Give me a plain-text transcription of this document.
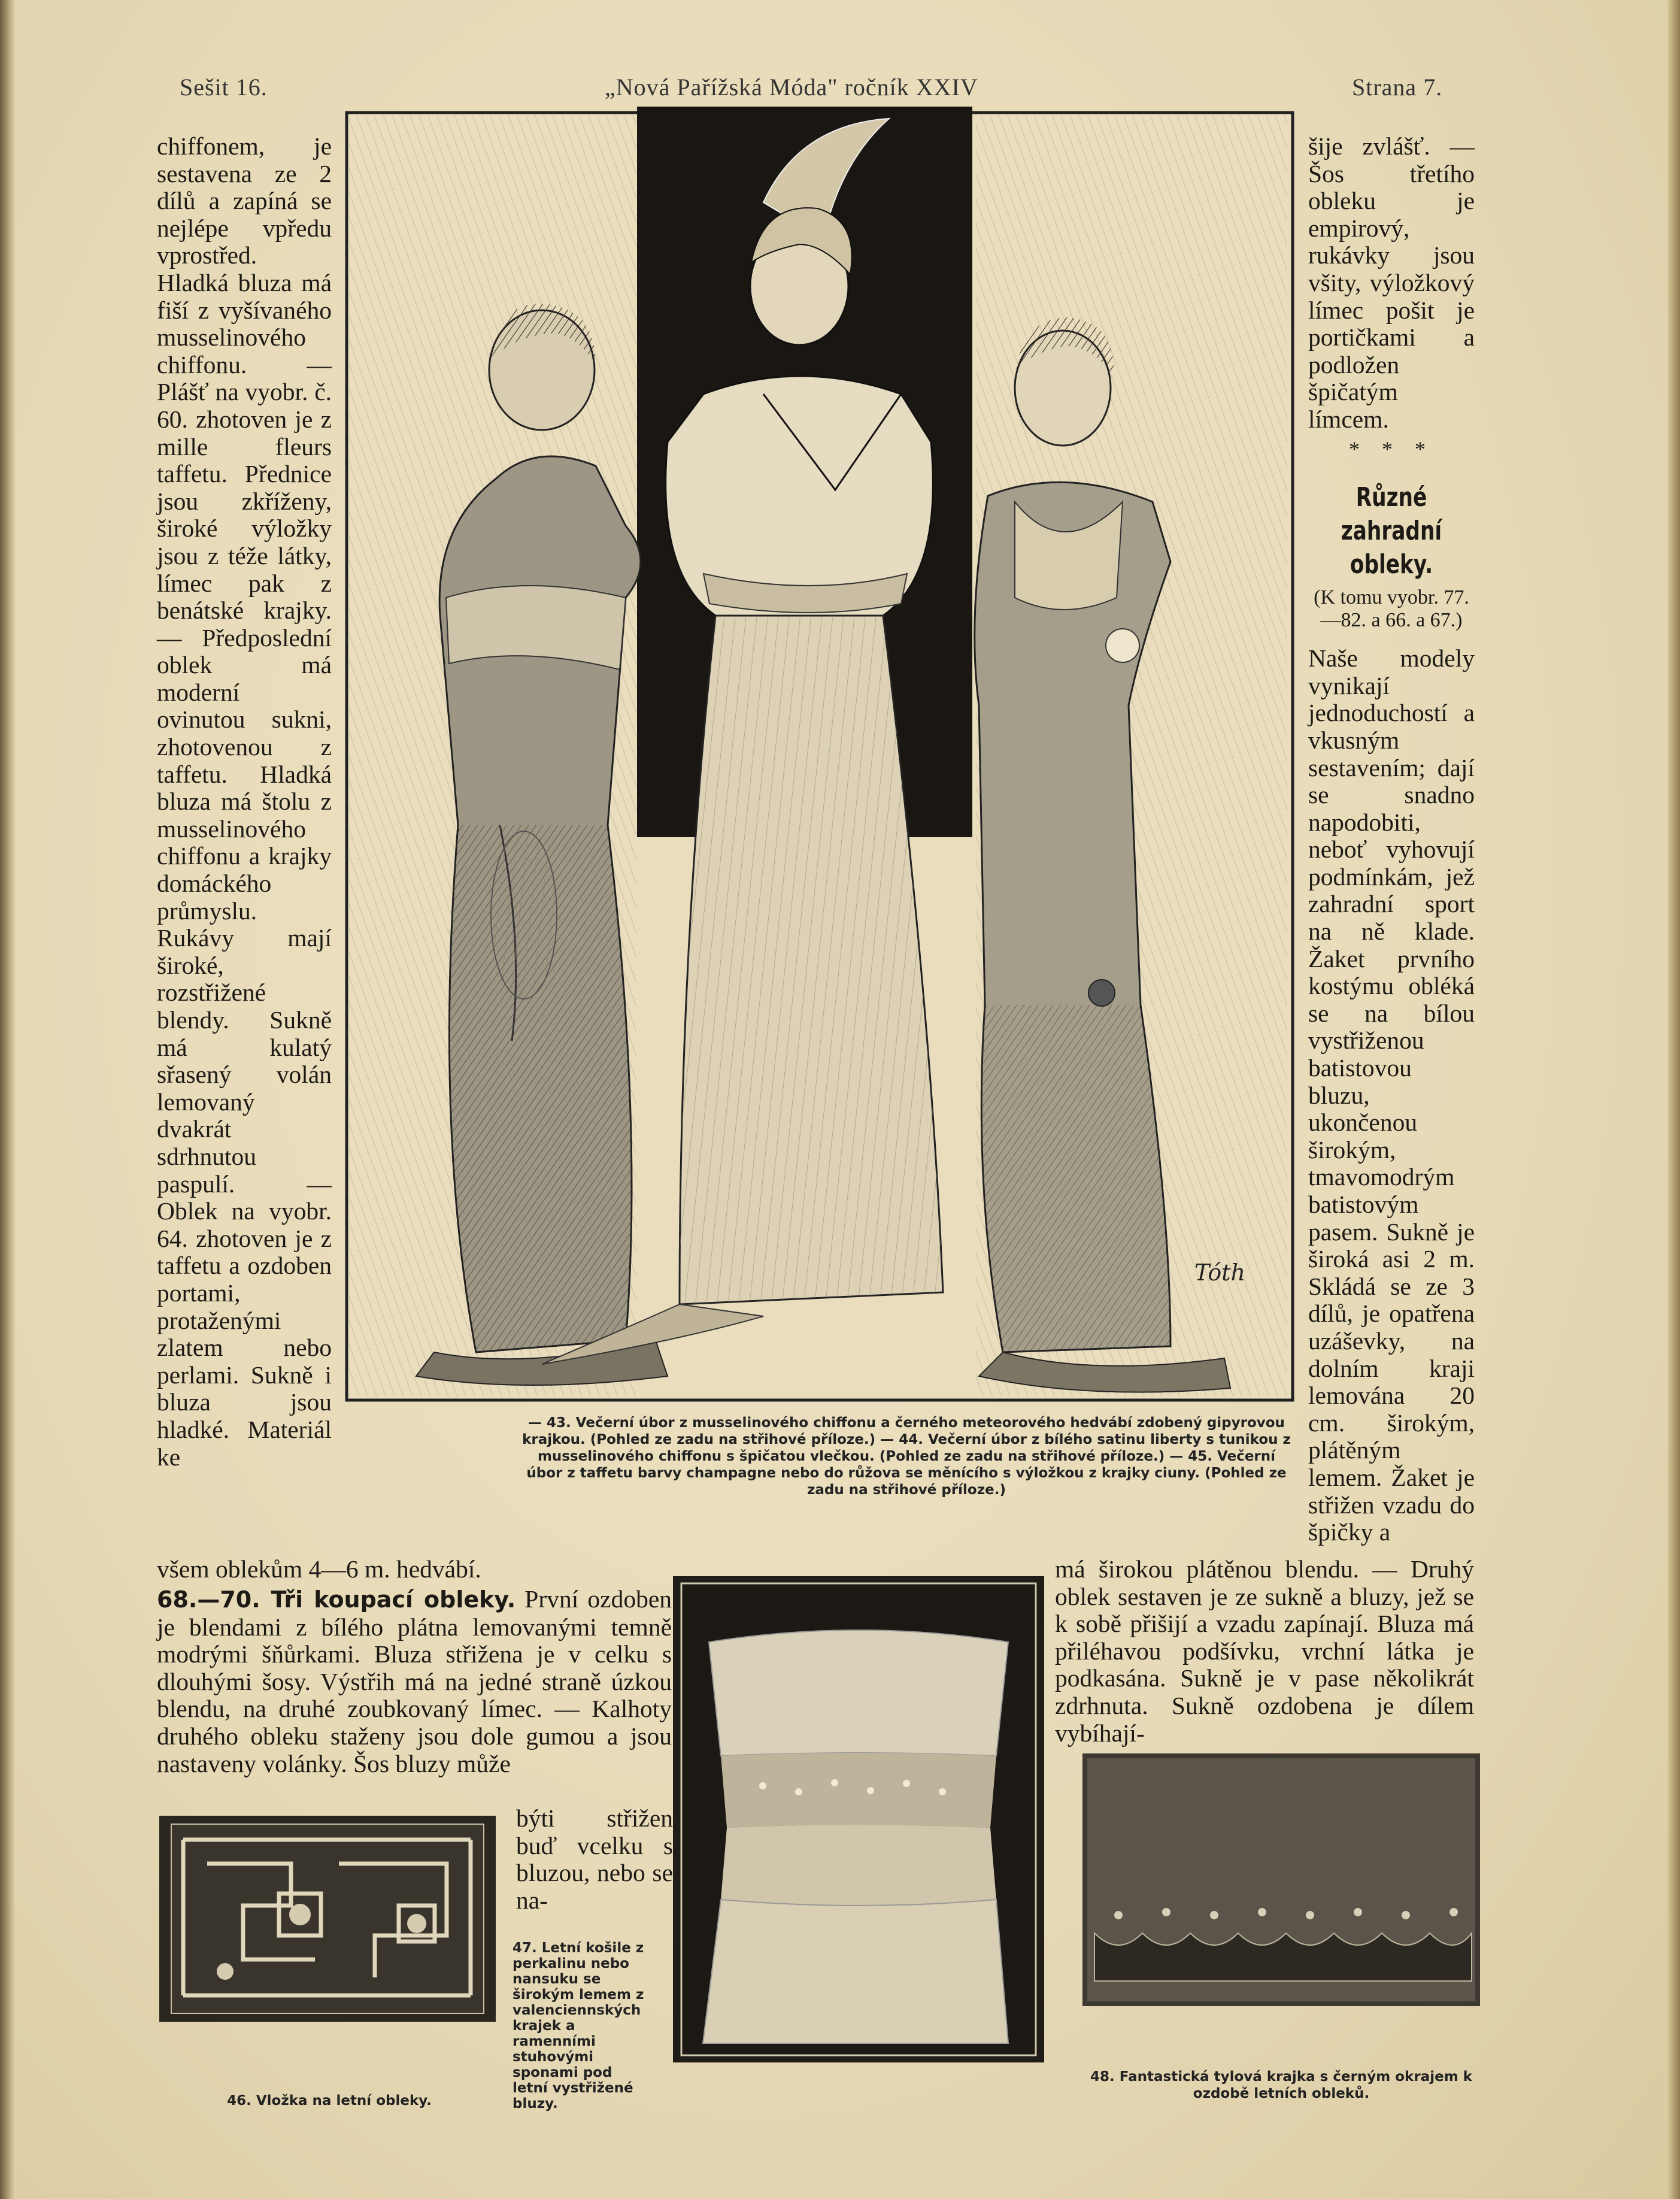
Sešit 16.	„Nová Pařížská Móda" ročník XXIV	Strana 7.

chiffonem, je sestavena ze 2 dílů a zapíná se nejlépe vpředu vprostřed. Hladká bluza má fiší z vyšívaného musselinového chiffonu. — Plášť na vyobr. č. 60. zhotoven je z mille fleurs taffetu. Přednice jsou zkříženy, široké výložky jsou z téže látky, límec pak z benátské krajky. — Předposlední oblek má moderní ovinutou sukni, zhotovenou z taffetu. Hladká bluza má štolu z musselinového chiffonu a krajky domáckého průmyslu. Rukávy mají široké, rozstřižené blendy. Sukně má kulatý sřasený volán lemovaný dvakrát sdrhnutou paspulí. — Oblek na vyobr. 64. zhotoven je z taffetu a ozdoben portami, protaženými zlatem nebo perlami. Sukně i bluza jsou hladké. Materiál ke

šije zvlášť. — Šos třetího obleku je empirový, rukávky jsou všity, výložkový límec pošit je portičkami a podložen špičatým límcem.

* * *
Různé zahradní
obleky.
(K tomu vyobr. 77.—82. a 66. a 67.)

Naše modely vynikají jednoduchostí a vkusným sestavením; dají se snadno napodobiti, neboť vyhovují podmínkám, jež zahradní sport na ně klade. Žaket prvního kostýmu obléká se na bílou vystřiženou batistovou bluzu, ukončenou širokým, tmavomodrým batistovým pasem. Sukně je široká asi 2 m. Skládá se ze 3 dílů, je opatřena uzáševky, na dolním kraji lemována 20 cm. širokým, plátěným lemem. Žaket je střižen vzadu do špičky a

Tóth
— 43. Večerní úbor z musselinového chiffonu a černého meteorového hedvábí zdobený gipyrovou krajkou. (Pohled ze zadu na střihové příloze.) — 44. Večerní úbor z bílého satinu liberty s tunikou z musselinového chiffonu s špičatou vlečkou. (Pohled ze zadu na střihové příloze.) — 45. Večerní úbor z taffetu barvy champagne nebo do růžova se měnícího s výložkou z krajky ciuny. (Pohled ze zadu na střihové příloze.)
všem oblekům 4—6 m. hedvábí.
68.—70. Tři koupací obleky. První ozdoben je blendami z bílého plátna lemovanými temně modrými šňůrkami. Bluza střižena je v celku s dlouhými šosy. Výstřih má na jedné straně úzkou blendu, na druhé zoubkovaný límec. — Kalhoty druhého obleku staženy jsou dole gumou a jsou nastaveny volánky. Šos bluzy může
býti střižen buď vcelku s bluzou, nebo se na-
má širokou plátěnou blendu. — Druhý oblek sestaven je ze sukně a bluzy, jež se k sobě přišijí a vzadu zapínají. Bluza má přiléhavou podšívku, vrchní látka je podkasána. Sukně je v pase několikrát zdrhnuta. Sukně ozdobena je dílem vybíhají-
46. Vložka na letní obleky.
47. Letní košile z perkalinu nebo nansuku se širokým lemem z valenciennských krajek a ramenními stuhovými sponami pod letní vystřižené bluzy.
48. Fantastická tylová krajka s černým okrajem k ozdobě letních obleků.
